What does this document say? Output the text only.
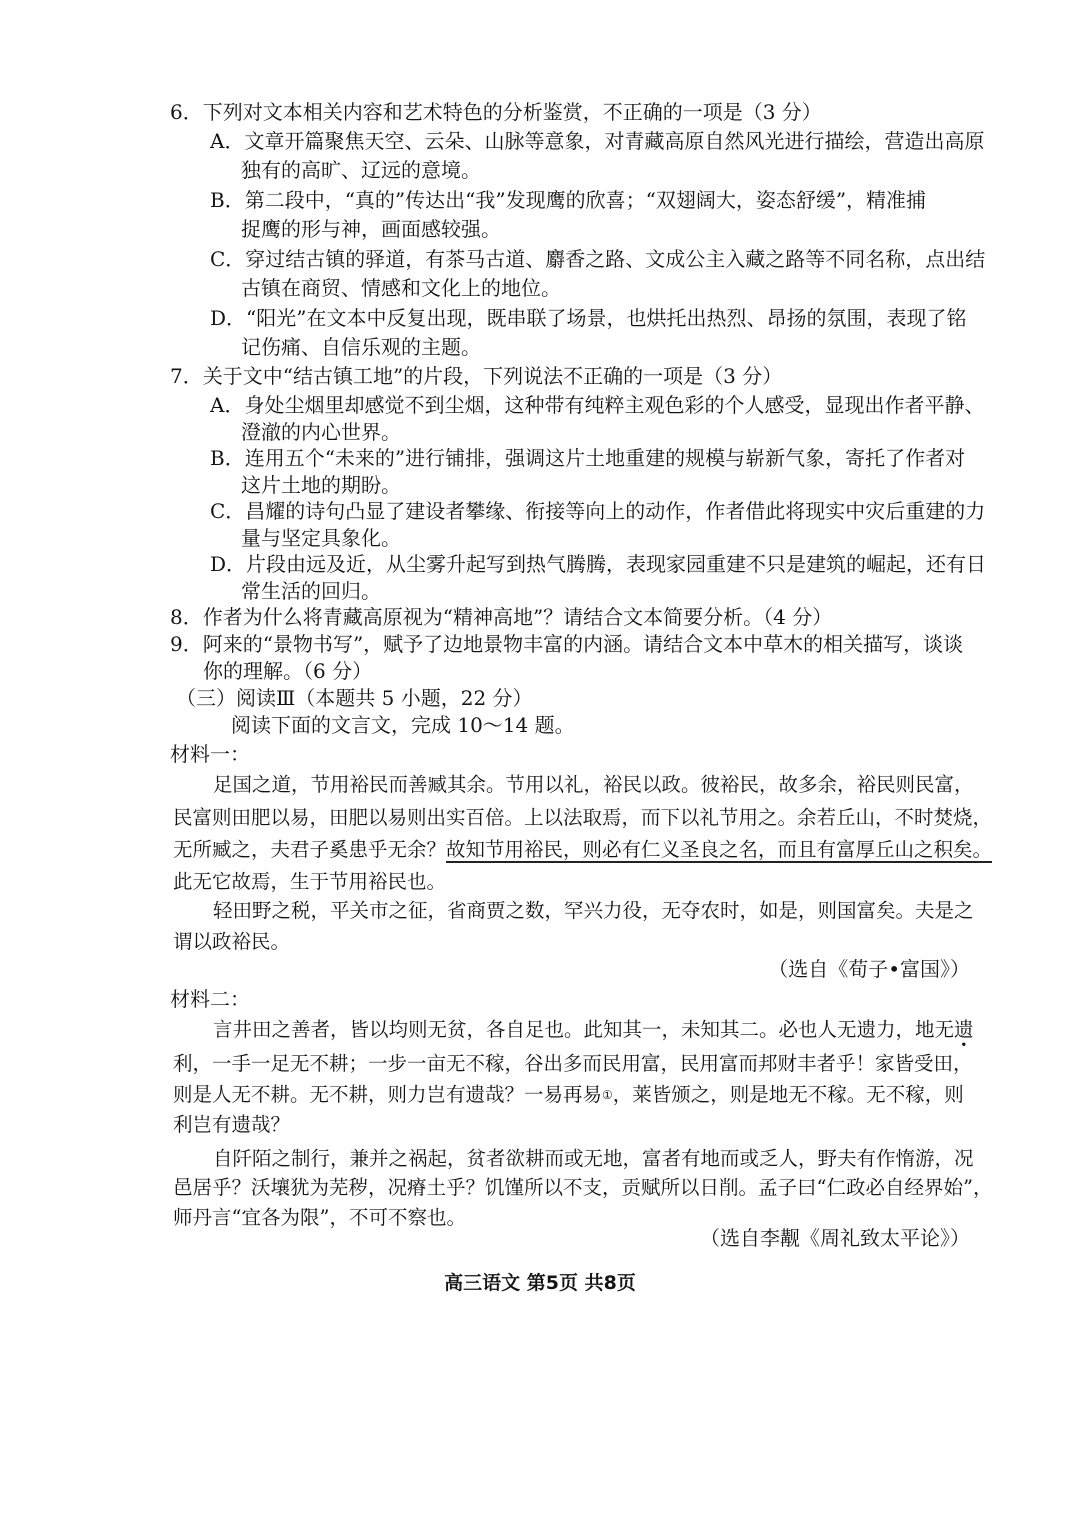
6．下列对文本相关内容和艺术特色的分析鉴赏，不正确的一项是（3 分）
A．文章开篇聚焦天空、云朵、山脉等意象，对青藏高原自然风光进行描绘，营造出高原
独有的高旷、辽远的意境。
B．第二段中，“真的”传达出“我”发现鹰的欣喜；“双翅阔大，姿态舒缓”，精准捕
捉鹰的形与神，画面感较强。
C．穿过结古镇的驿道，有茶马古道、麝香之路、文成公主入藏之路等不同名称，点出结
古镇在商贸、情感和文化上的地位。
D．“阳光”在文本中反复出现，既串联了场景，也烘托出热烈、昂扬的氛围，表现了铭
记伤痛、自信乐观的主题。
7．关于文中“结古镇工地”的片段，下列说法不正确的一项是（3 分）
A．身处尘烟里却感觉不到尘烟，这种带有纯粹主观色彩的个人感受，显现出作者平静、
澄澈的内心世界。
B．连用五个“未来的”进行铺排，强调这片土地重建的规模与崭新气象，寄托了作者对
这片土地的期盼。
C．昌耀的诗句凸显了建设者攀缘、衔接等向上的动作，作者借此将现实中灾后重建的力
量与坚定具象化。
D．片段由远及近，从尘雾升起写到热气腾腾，表现家园重建不只是建筑的崛起，还有日
常生活的回归。
8．作者为什么将青藏高原视为“精神高地”？请结合文本简要分析。（4 分）
9．阿来的“景物书写”，赋予了边地景物丰富的内涵。请结合文本中草木的相关描写，谈谈
你的理解。（6 分）
（三）阅读Ⅲ（本题共 5 小题，22 分）
阅读下面的文言文，完成 10～14 题。
材料一：
足国之道，节用裕民而善臧其余。节用以礼，裕民以政。彼裕民，故多余，裕民则民富，
民富则田肥以易，田肥以易则出实百倍。上以法取焉，而下以礼节用之。余若丘山，不时焚烧，
无所臧之，夫君子奚患乎无余？故知节用裕民，则必有仁义圣良之名，而且有富厚丘山之积矣。
此无它故焉，生于节用裕民也。
轻田野之税，平关市之征，省商贾之数，罕兴力役，无夺农时，如是，则国富矣。夫是之
谓以政裕民。
（选自《荀子•富国》）
材料二：
言井田之善者，皆以均则无贫，各自足也。此知其一，未知其二。必也人无遗力，地无遗
利，一手一足无不耕；一步一亩无不稼，谷出多而民用富，民用富而邦财丰者乎！家皆受田，
则是人无不耕。无不耕，则力岂有遗哉？一易再易①，莱皆颁之，则是地无不稼。无不稼，则
利岂有遗哉？
自阡陌之制行，兼并之祸起，贫者欲耕而或无地，富者有地而或乏人，野夫有作惰游，况
邑居乎？沃壤犹为芜秽，况瘠土乎？饥馑所以不支，贡赋所以日削。孟子曰“仁政必自经界始”，
师丹言“宜各为限”，不可不察也。
（选自李觏《周礼致太平论》）
高三语文 第5页 共8页
